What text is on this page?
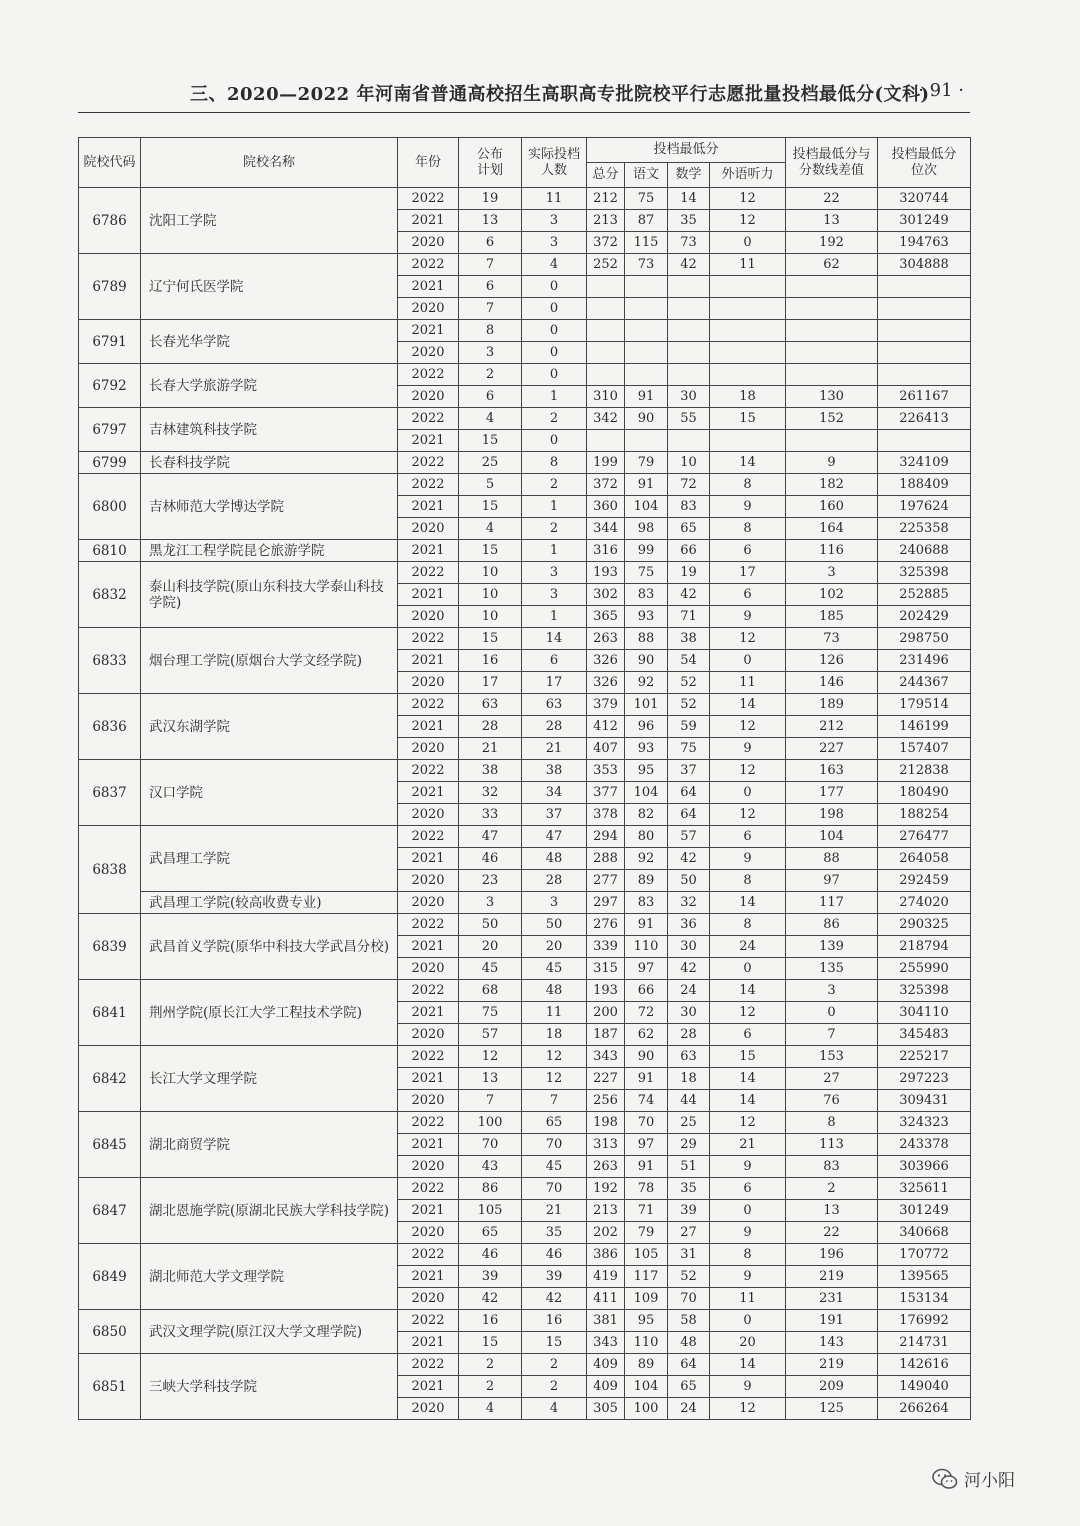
三、2020—2022 年河南省普通高校招生高职高专批院校平行志愿批量投档最低分(文科)
· 91 ·
院校代码	院校名称	年份	公布计划	实际投档人数	投档最低分				投档最低分与分数线差值	投档最低分位次
					总分	语文	数学	外语听力		
6786	沈阳工学院	2022	19	11	212	75	14	12	22	320744
		2021	13	3	213	87	35	12	13	301249
		2020	6	3	372	115	73	0	192	194763
6789	辽宁何氏医学院	2022	7	4	252	73	42	11	62	304888
		2021	6	0						
		2020	7	0						
6791	长春光华学院	2021	8	0						
		2020	3	0						
6792	长春大学旅游学院	2022	2	0						
		2020	6	1	310	91	30	18	130	261167
6797	吉林建筑科技学院	2022	4	2	342	90	55	15	152	226413
		2021	15	0						
6799	长春科技学院	2022	25	8	199	79	10	14	9	324109
6800	吉林师范大学博达学院	2022	5	2	372	91	72	8	182	188409
		2021	15	1	360	104	83	9	160	197624
		2020	4	2	344	98	65	8	164	225358
6810	黑龙江工程学院昆仑旅游学院	2021	15	1	316	99	66	6	116	240688
6832	泰山科技学院(原山东科技大学泰山科技学院)	2022	10	3	193	75	19	17	3	325398
		2021	10	3	302	83	42	6	102	252885
		2020	10	1	365	93	71	9	185	202429
6833	烟台理工学院(原烟台大学文经学院)	2022	15	14	263	88	38	12	73	298750
		2021	16	6	326	90	54	0	126	231496
		2020	17	17	326	92	52	11	146	244367
6836	武汉东湖学院	2022	63	63	379	101	52	14	189	179514
		2021	28	28	412	96	59	12	212	146199
		2020	21	21	407	93	75	9	227	157407
6837	汉口学院	2022	38	38	353	95	37	12	163	212838
		2021	32	34	377	104	64	0	177	180490
		2020	33	37	378	82	64	12	198	188254
6838	武昌理工学院	2022	47	47	294	80	57	6	104	276477
		2021	46	48	288	92	42	9	88	264058
		2020	23	28	277	89	50	8	97	292459
	武昌理工学院(较高收费专业)	2020	3	3	297	83	32	14	117	274020
6839	武昌首义学院(原华中科技大学武昌分校)	2022	50	50	276	91	36	8	86	290325
		2021	20	20	339	110	30	24	139	218794
		2020	45	45	315	97	42	0	135	255990
6841	荆州学院(原长江大学工程技术学院)	2022	68	48	193	66	24	14	3	325398
		2021	75	11	200	72	30	12	0	304110
		2020	57	18	187	62	28	6	7	345483
6842	长江大学文理学院	2022	12	12	343	90	63	15	153	225217
		2021	13	12	227	91	18	14	27	297223
		2020	7	7	256	74	44	14	76	309431
6845	湖北商贸学院	2022	100	65	198	70	25	12	8	324323
		2021	70	70	313	97	29	21	113	243378
		2020	43	45	263	91	51	9	83	303966
6847	湖北恩施学院(原湖北民族大学科技学院)	2022	86	70	192	78	35	6	2	325611
		2021	105	21	213	71	39	0	13	301249
		2020	65	35	202	79	27	9	22	340668
6849	湖北师范大学文理学院	2022	46	46	386	105	31	8	196	170772
		2021	39	39	419	117	52	9	219	139565
		2020	42	42	411	109	70	11	231	153134
6850	武汉文理学院(原江汉大学文理学院)	2022	16	16	381	95	58	0	191	176992
		2021	15	15	343	110	48	20	143	214731
6851	三峡大学科技学院	2022	2	2	409	89	64	14	219	142616
		2021	2	2	409	104	65	9	209	149040
		2020	4	4	305	100	24	12	125	266264
河小阳
